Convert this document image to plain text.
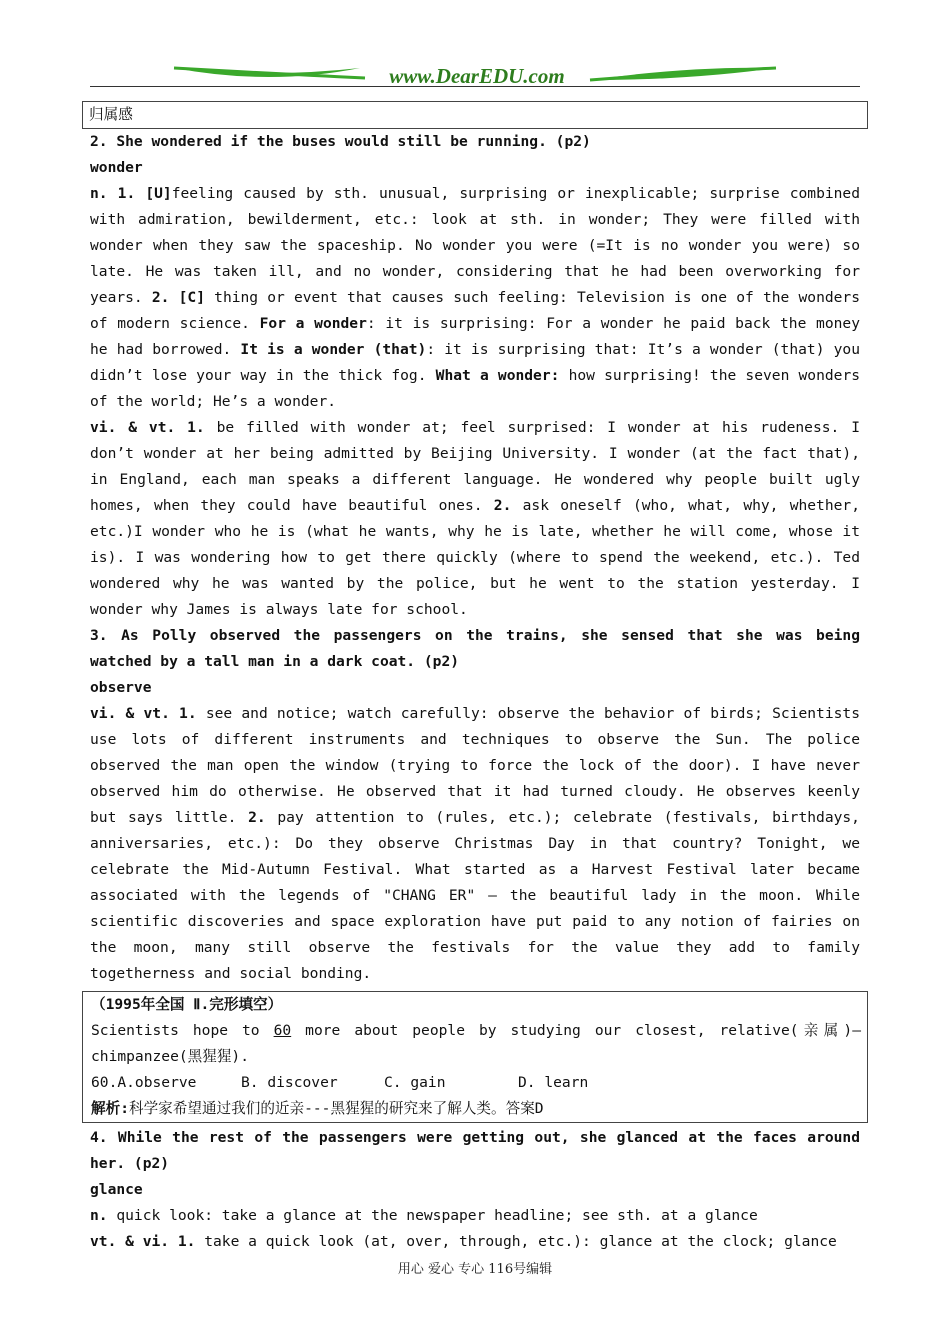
www.DearEDU.com
归属感

2. She wondered if the buses would still be running. (p2)

wonder

n. 1. [U]feeling caused by sth. unusual, surprising or inexplicable; surprise combined with admiration, bewilderment, etc.: look at sth. in wonder; They were filled with wonder when they saw the spaceship. No wonder you were (=It is no wonder you were) so late. He was taken ill, and no wonder, considering that he had been overworking for years. 2. [C] thing or event that causes such feeling: Television is one of the wonders of modern science. For a wonder: it is surprising: For a wonder he paid back the money he had borrowed. It is a wonder (that): it is surprising that: It’s a wonder (that) you didn’t lose your way in the thick fog. What a wonder: how surprising! the seven wonders of the world; He’s a wonder.

vi. & vt. 1. be filled with wonder at; feel surprised: I wonder at his rudeness. I don’t wonder at her being admitted by Beijing University. I wonder (at the fact that), in England, each man speaks a different language. He wondered why people built ugly homes, when they could have beautiful ones. 2. ask oneself (who, what, why, whether, etc.)I wonder who he is (what he wants, why he is late, whether he will come, whose it is). I was wondering how to get there quickly (where to spend the weekend, etc.). Ted wondered why he was wanted by the police, but he went to the station yesterday. I wonder why James is always late for school.

3. As Polly observed the passengers on the trains, she sensed that she was being watched by a tall man in a dark coat. (p2)

observe

vi. & vt. 1. see and notice; watch carefully: observe the behavior of birds; Scientists use lots of different instruments and techniques to observe the Sun. The police observed the man open the window (trying to force the lock of the door). I have never observed him do otherwise. He observed that it had turned cloudy. He observes keenly but says little. 2. pay attention to (rules, etc.); celebrate (festivals, birthdays, anniversaries, etc.): Do they observe Christmas Day in that country? Tonight, we celebrate the Mid-Autumn Festival. What started as a Harvest Festival later became associated with the legends of "CHANG ER" – the beautiful lady in the moon. While scientific discoveries and space exploration have put paid to any notion of fairies on the moon, many still observe the festivals for the value they add to family togetherness and social bonding.

（1995年全国 Ⅱ.完形填空）

Scientists hope to 60 more about people by studying our closest, relative(亲属)—chimpanzee(黑猩猩).

60.A.observe	B. discover	C. gain	D. learn

解析:科学家希望通过我们的近亲---黑猩猩的研究来了解人类。答案D

4. While the rest of the passengers were getting out, she glanced at the faces around her. (p2)

glance

n. quick look: take a glance at the newspaper headline; see sth. at a glance

vt. & vi. 1. take a quick look (at, over, through, etc.): glance at the clock; glance

用心 爱心 专心 116号编辑
